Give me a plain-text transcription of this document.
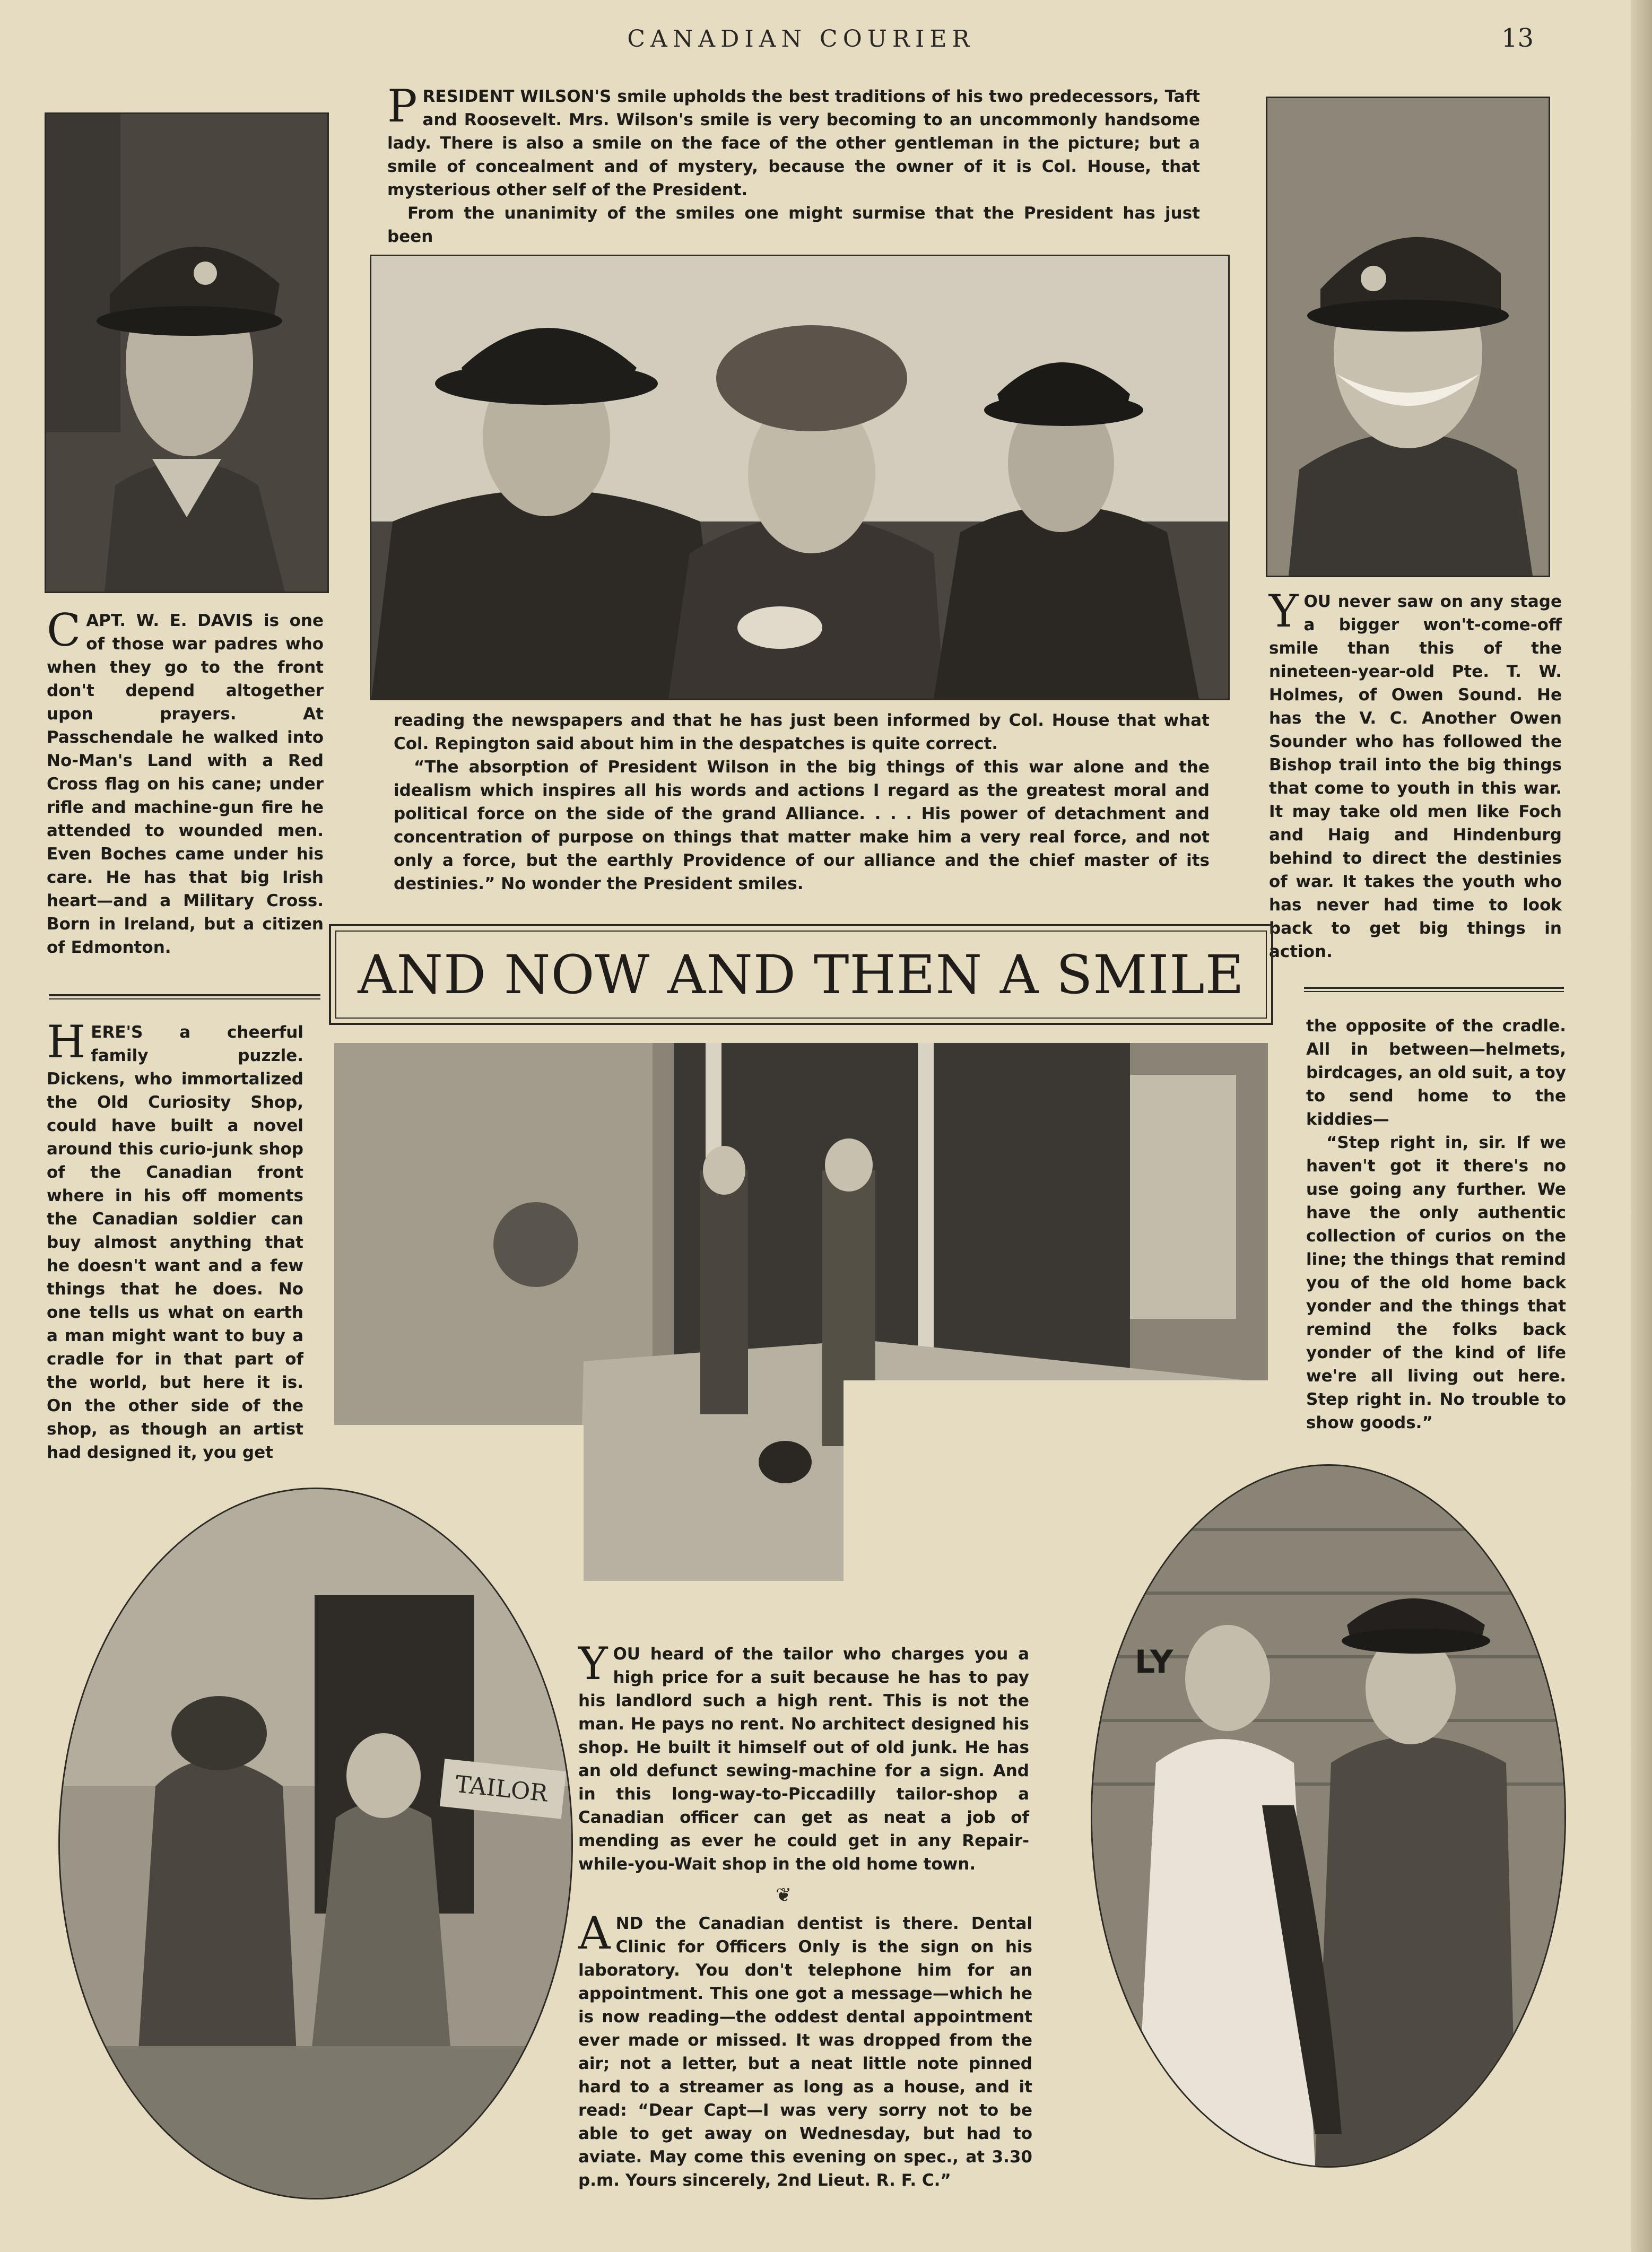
CANADIAN COURIER	13
P RESIDENT WILSON'S smile upholds the best traditions of his two predecessors, Taft and Roosevelt. Mrs. Wilson's smile is very becoming to an uncommonly handsome lady. There is also a smile on the face of the other gentleman in the picture; but a smile of concealment and of mystery, because the owner of it is Col. House, that mysterious other self of the President.

From the unanimity of the smiles one might surmise that the President has just been

reading the newspapers and that he has just been informed by Col. House that what Col. Repington said about him in the despatches is quite correct.

“The absorption of President Wilson in the big things of this war alone and the idealism which inspires all his words and actions I regard as the greatest moral and political force on the side of the grand Alliance. . . . His power of detachment and concentration of purpose on things that matter make him a very real force, and not only a force, but the earthly Providence of our alliance and the chief master of its destinies.” No wonder the President smiles.

C APT. W. E. DAVIS is one of those war padres who when they go to the front don't depend altogether upon prayers. At Passchendale he walked into No-Man's Land with a Red Cross flag on his cane; under rifle and machine-gun fire he attended to wounded men. Even Boches came under his care. He has that big Irish heart—and a Military Cross. Born in Ireland, but a citizen of Edmonton.

Y OU never saw on any stage a bigger won't-come-off smile than this of the nineteen-year-old Pte. T. W. Holmes, of Owen Sound. He has the V. C. Another Owen Sounder who has followed the Bishop trail into the big things that come to youth in this war. It may take old men like Foch and Haig and Hindenburg behind to direct the destinies of war. It takes the youth who has never had time to look back to get big things in action.

AND NOW AND THEN A SMILE
H ERE'S a cheerful family puzzle. Dickens, who immortalized the Old Curiosity Shop, could have built a novel around this curio-junk shop of the Canadian front where in his off moments the Canadian soldier can buy almost anything that he doesn't want and a few things that he does. No one tells us what on earth a man might want to buy a cradle for in that part of the world, but here it is. On the other side of the shop, as though an artist had designed it, you get

the opposite of the cradle. All in between—helmets, birdcages, an old suit, a toy to send home to the kiddies—

“Step right in, sir. If we haven't got it there's no use going any further. We have the only authentic collection of curios on the line; the things that remind you of the old home back yonder and the things that remind the folks back yonder of the kind of life we're all living out here. Step right in. No trouble to show goods.”

TAILOR
LY
Y OU heard of the tailor who charges you a high price for a suit because he has to pay his landlord such a high rent. This is not the man. He pays no rent. No architect designed his shop. He built it himself out of old junk. He has an old defunct sewing-machine for a sign. And in this long-way-to-Piccadilly tailor-shop a Canadian officer can get as neat a job of mending as ever he could get in any Repair-while-you-Wait shop in the old home town.

❦
A ND the Canadian dentist is there. Dental Clinic for Officers Only is the sign on his laboratory. You don't telephone him for an appointment. This one got a message—which he is now reading—the oddest dental appointment ever made or missed. It was dropped from the air; not a letter, but a neat little note pinned hard to a streamer as long as a house, and it read: “Dear Capt—I was very sorry not to be able to get away on Wednesday, but had to aviate. May come this evening on spec., at 3.30 p.m. Yours sincerely, 2nd Lieut. R. F. C.”
